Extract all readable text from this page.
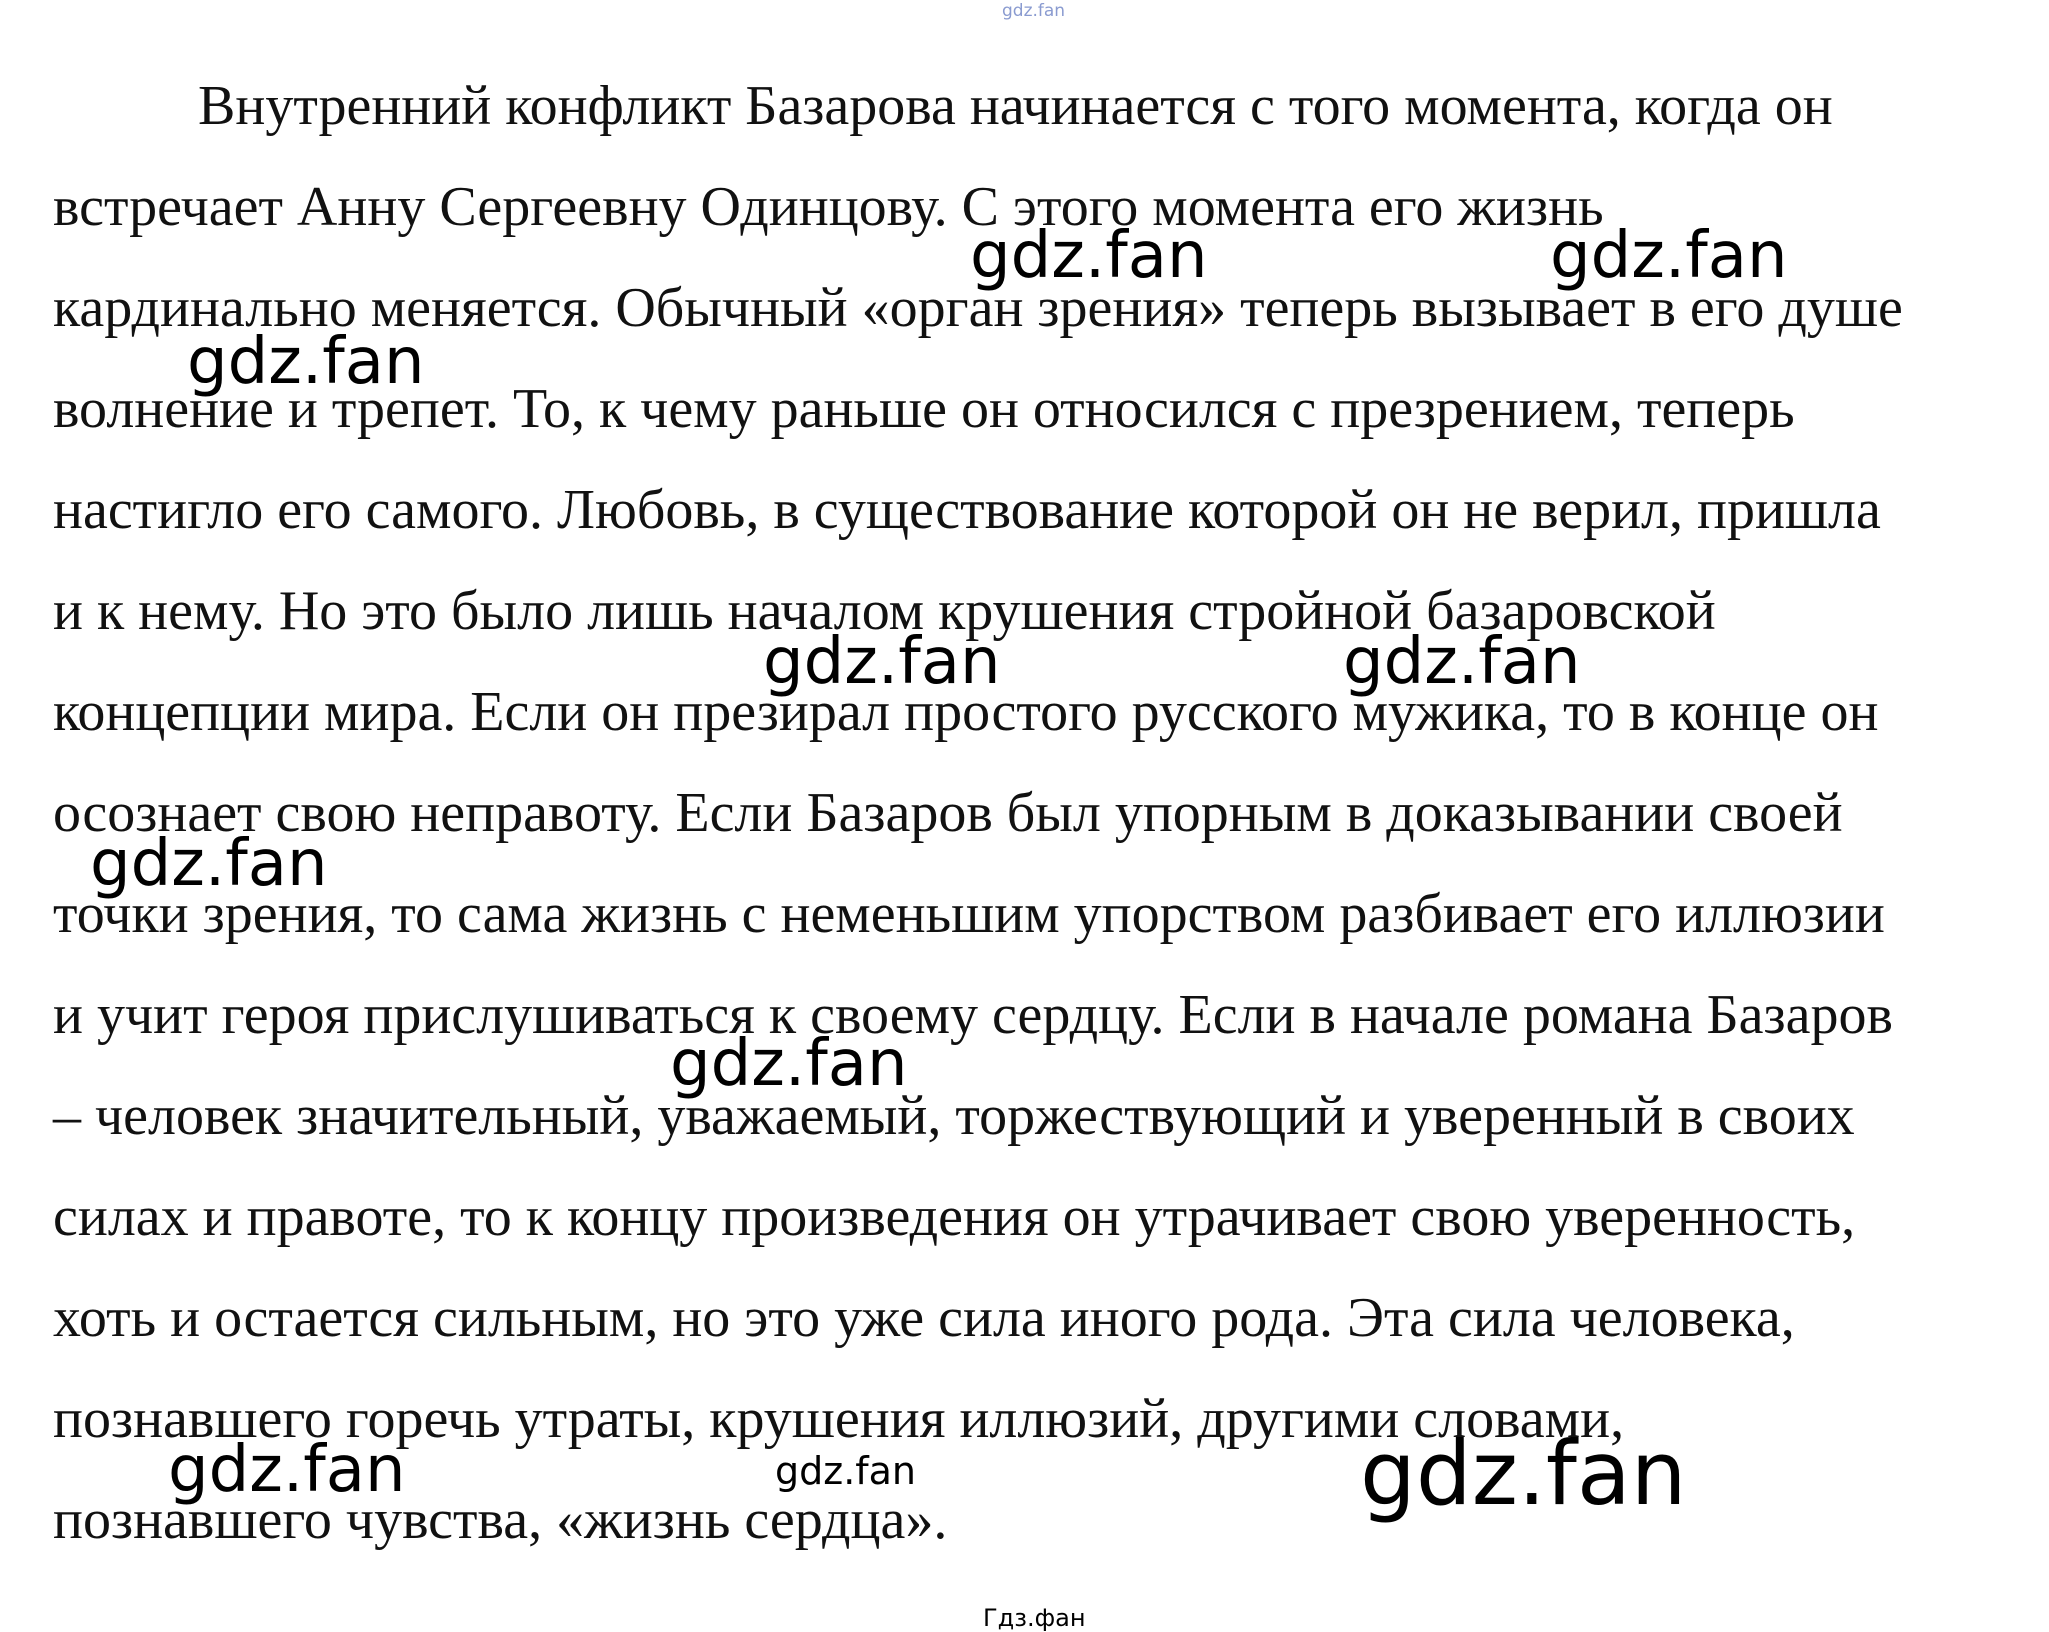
gdz.fan
Внутренний конфликт Базарова начинается с того момента, когда он
встречает Анну Сергеевну Одинцову. С этого момента его жизнь
кардинально меняется. Обычный «орган зрения» теперь вызывает в его душе
волнение и трепет. То, к чему раньше он относился с презрением, теперь
настигло его самого. Любовь, в существование которой он не верил, пришла
и к нему. Но это было лишь началом крушения стройной базаровской
концепции мира. Если он презирал простого русского мужика, то в конце он
осознает свою неправоту. Если Базаров был упорным в доказывании своей
точки зрения, то сама жизнь с неменьшим упорством разбивает его иллюзии
и учит героя прислушиваться к своему сердцу. Если в начале романа Базаров
– человек значительный, уважаемый, торжествующий и уверенный в своих
силах и правоте, то к концу произведения он утрачивает свою уверенность,
хоть и остается сильным, но это уже сила иного рода. Эта сила человека,
познавшего горечь утраты, крушения иллюзий, другими словами,
познавшего чувства, «жизнь сердца».
gdz.fan	gdz.fan
gdz.fan
gdz.fan	gdz.fan
gdz.fan
gdz.fan
gdz.fan	gdz.fan	gdz.fan
Гдз.фан
